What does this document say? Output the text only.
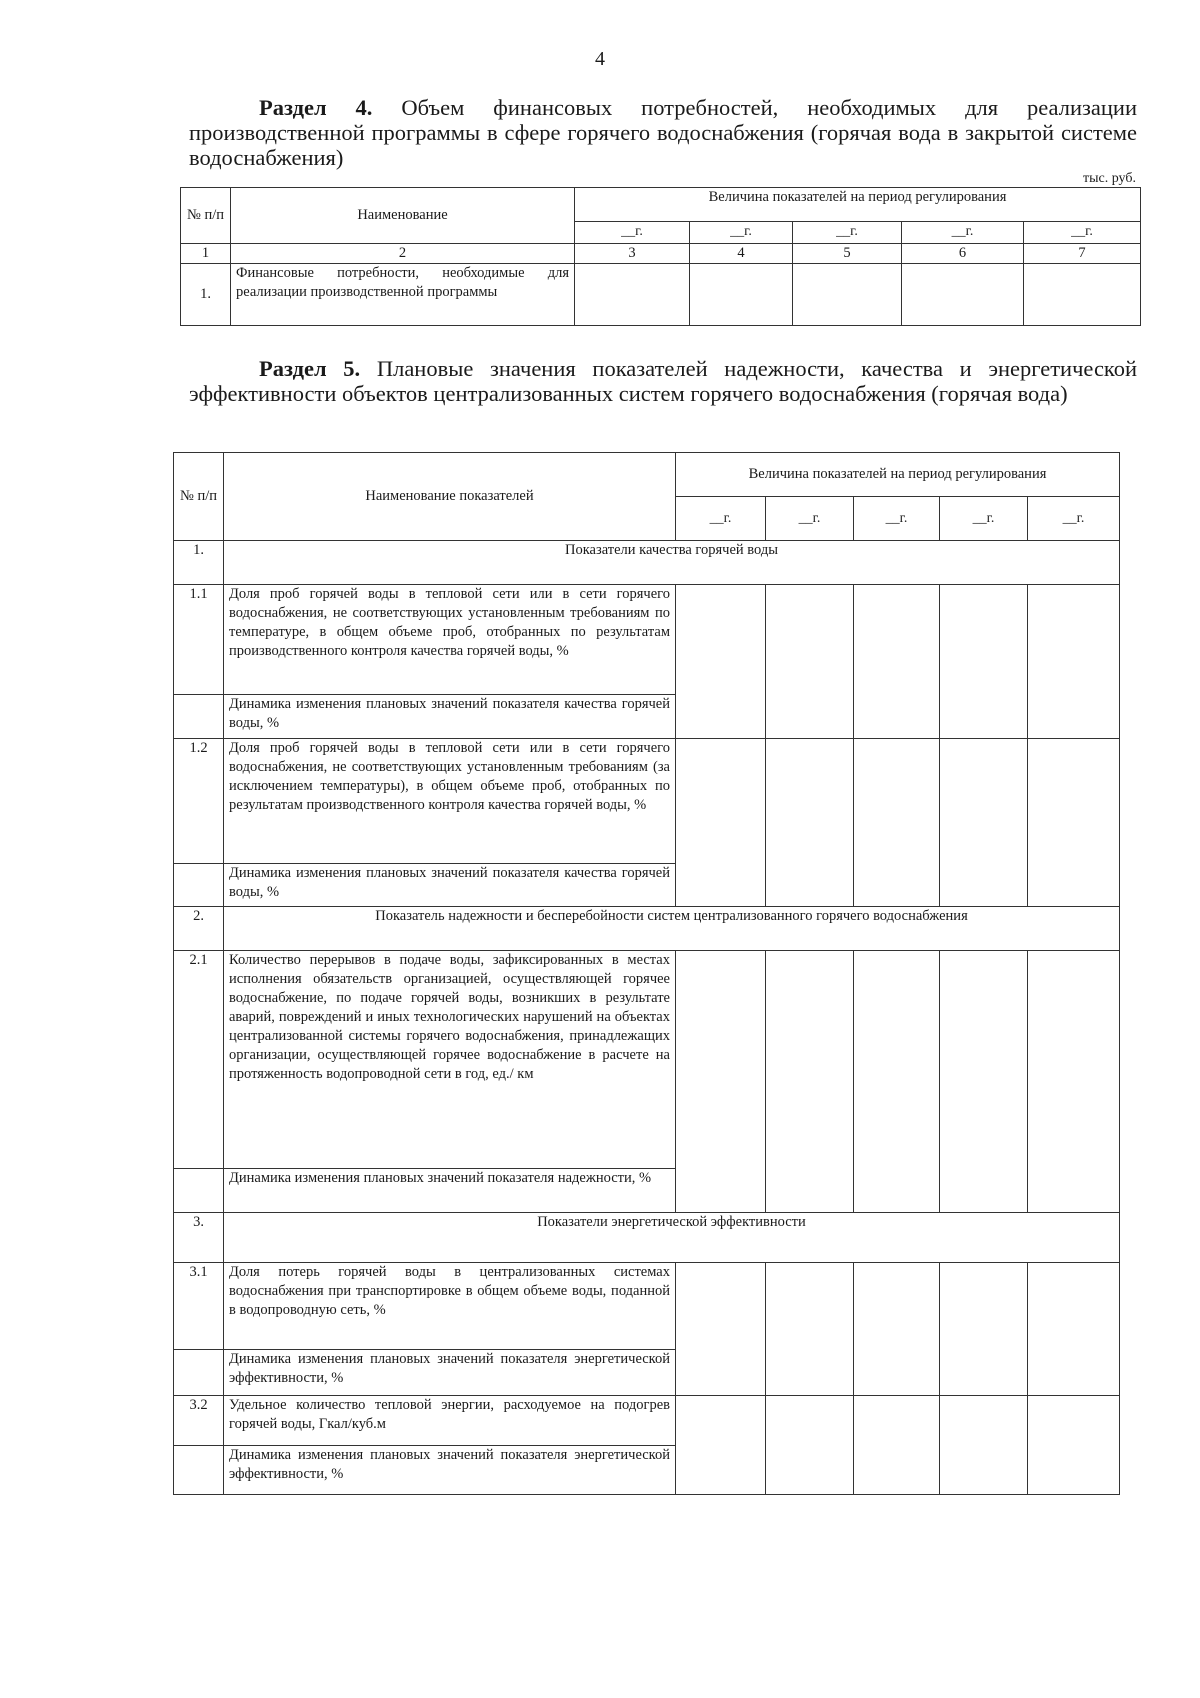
4
Раздел 4. Объем финансовых потребностей, необходимых для реализации производственной программы в сфере горячего водоснабжения (горячая вода в закрытой системе водоснабжения)
тыс. руб.
№ п/п	Наименование	Величина показателей на период регулирования				
		__г.	__г.	__г.	__г.	__г.
1	2	3	4	5	6	7
1.	Финансовые потребности, необходимые для реализации производственной программы					
Раздел 5. Плановые значения показателей надежности, качества и энергетической эффективности объектов централизованных систем горячего водоснабжения (горячая вода)
№ п/п	Наименование показателей	Величина показателей на период регулирования				
		__г.	__г.	__г.	__г.	__г.
1.	Показатели качества горячей воды					
1.1	Доля проб горячей воды в тепловой сети или в сети горячего водоснабжения, не соответствующих установленным требованиям по температуре, в общем объеме проб, отобранных по результатам производственного контроля качества горячей воды, %					
	Динамика изменения плановых значений показателя качества горячей воды, %					
1.2	Доля проб горячей воды в тепловой сети или в сети горячего водоснабжения, не соответствующих установленным требованиям (за исключением температуры), в общем объеме проб, отобранных по результатам производственного контроля качества горячей воды, %					
	Динамика изменения плановых значений показателя качества горячей воды, %					
2.	Показатель надежности и бесперебойности систем централизованного горячего водоснабжения					
2.1	Количество перерывов в подаче воды, зафиксированных в местах исполнения обязательств организацией, осуществляющей горячее водоснабжение, по подаче горячей воды, возникших в результате аварий, повреждений и иных технологических нарушений на объектах централизованной системы горячего водоснабжения, принадлежащих организации, осуществляющей горячее водоснабжение в расчете на протяженность водопроводной сети в год, ед./ км					
	Динамика изменения плановых значений показателя надежности, %					
3.	Показатели энергетической эффективности					
3.1	Доля потерь горячей воды в централизованных системах водоснабжения при транспортировке в общем объеме воды, поданной в водопроводную сеть, %					
	Динамика изменения плановых значений показателя энергетической эффективности, %					
3.2	Удельное количество тепловой энергии, расходуемое на подогрев горячей воды, Гкал/куб.м					
	Динамика изменения плановых значений показателя энергетической эффективности, %					
